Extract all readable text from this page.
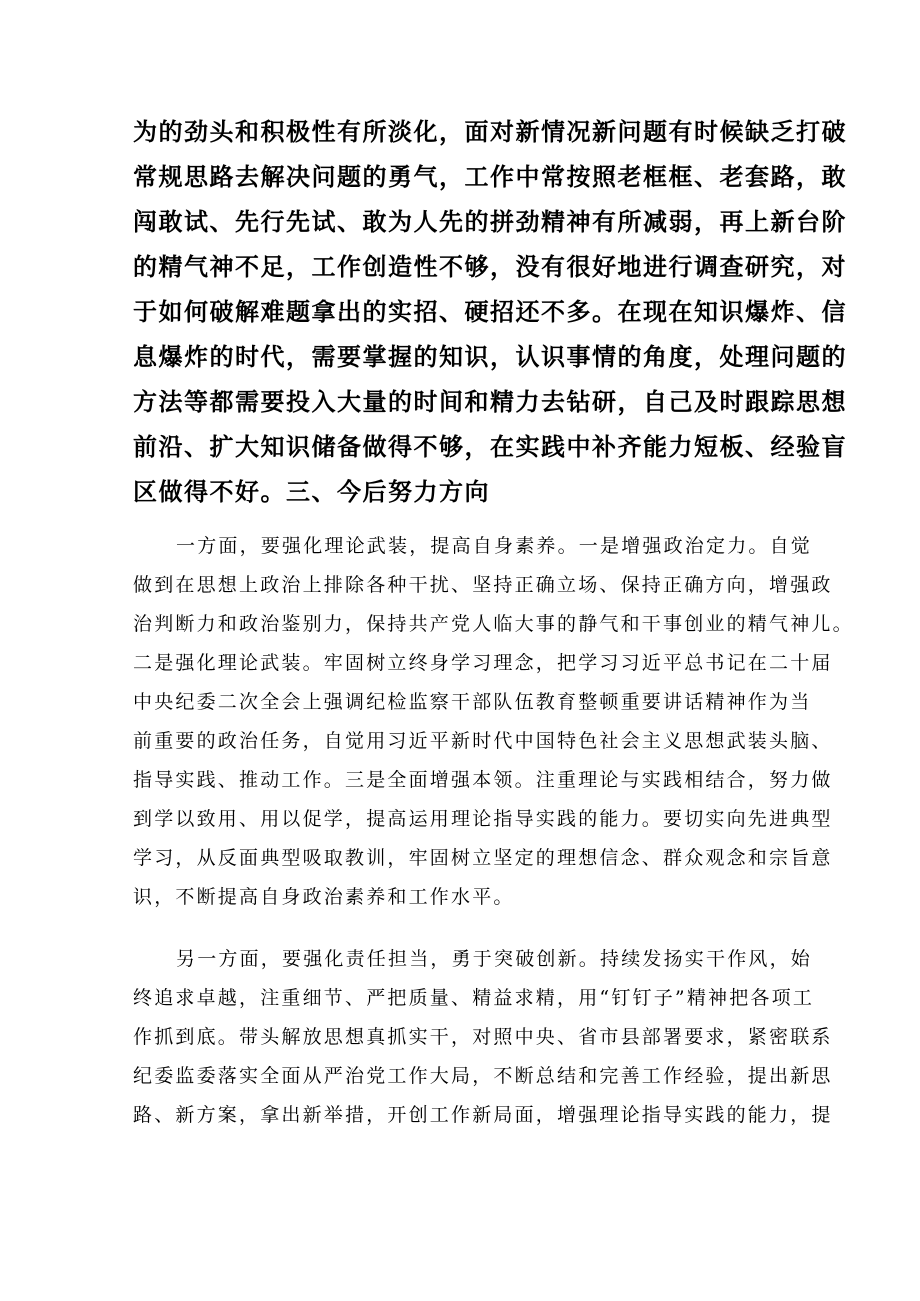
为的劲头和积极性有所淡化，面对新情况新问题有时候缺乏打破

常规思路去解决问题的勇气，工作中常按照老框框、老套路，敢

闯敢试、先行先试、敢为人先的拼劲精神有所减弱，再上新台阶

的精气神不足，工作创造性不够，没有很好地进行调查研究，对

于如何破解难题拿出的实招、硬招还不多。在现在知识爆炸、信

息爆炸的时代，需要掌握的知识，认识事情的角度，处理问题的

方法等都需要投入大量的时间和精力去钻研，自己及时跟踪思想

前沿、扩大知识储备做得不够，在实践中补齐能力短板、经验盲

区做得不好。三、今后努力方向

一方面，要强化理论武装，提高自身素养。一是增强政治定力。自觉

做到在思想上政治上排除各种干扰、坚持正确立场、保持正确方向，增强政

治判断力和政治鉴别力，保持共产党人临大事的静气和干事创业的精气神儿。

二是强化理论武装。牢固树立终身学习理念，把学习习近平总书记在二十届

中央纪委二次全会上强调纪检监察干部队伍教育整顿重要讲话精神作为当

前重要的政治任务，自觉用习近平新时代中国特色社会主义思想武装头脑、

指导实践、推动工作。三是全面增强本领。注重理论与实践相结合，努力做

到学以致用、用以促学，提高运用理论指导实践的能力。要切实向先进典型

学习，从反面典型吸取教训，牢固树立坚定的理想信念、群众观念和宗旨意

识，不断提高自身政治素养和工作水平。

另一方面，要强化责任担当，勇于突破创新。持续发扬实干作风，始

终追求卓越，注重细节、严把质量、精益求精，用“钉钉子”精神把各项工

作抓到底。带头解放思想真抓实干，对照中央、省市县部署要求，紧密联系

纪委监委落实全面从严治党工作大局，不断总结和完善工作经验，提出新思

路、新方案，拿出新举措，开创工作新局面，增强理论指导实践的能力，提
